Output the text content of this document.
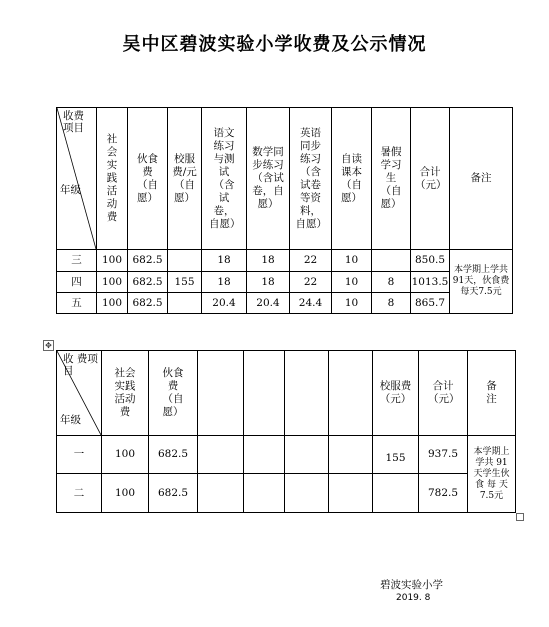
吴中区碧波实验小学收费及公示情况
收费项目
年级	社会实践活动费	伙食费（自愿）	校服费/元（自愿）	语文练习与测试（含试卷，自愿）	数学同步练习（含试卷，自愿）	英语同步练习（含试卷等资料，自愿）	自读课本（自愿）	暑假学习生（自愿）	合计（元）	备注

三	100	682.5		18	18	22	10		850.5	本学期上学共91天，伙食费每天7.5元
四	100	682.5	155	18	18	22	10	8	1013.5	
五	100	682.5		20.4	20.4	24.4	10	8	865.7	
✥
收 费项目
年级	社会实践活动费	伙食费（自愿）					校服费（元）	合计（元）	备注

一	100	682.5					155	937.5	本学期上学共 91 天学生伙食 每 天7.5元
二	100	682.5						782.5	
碧波实验小学
2019. 8
